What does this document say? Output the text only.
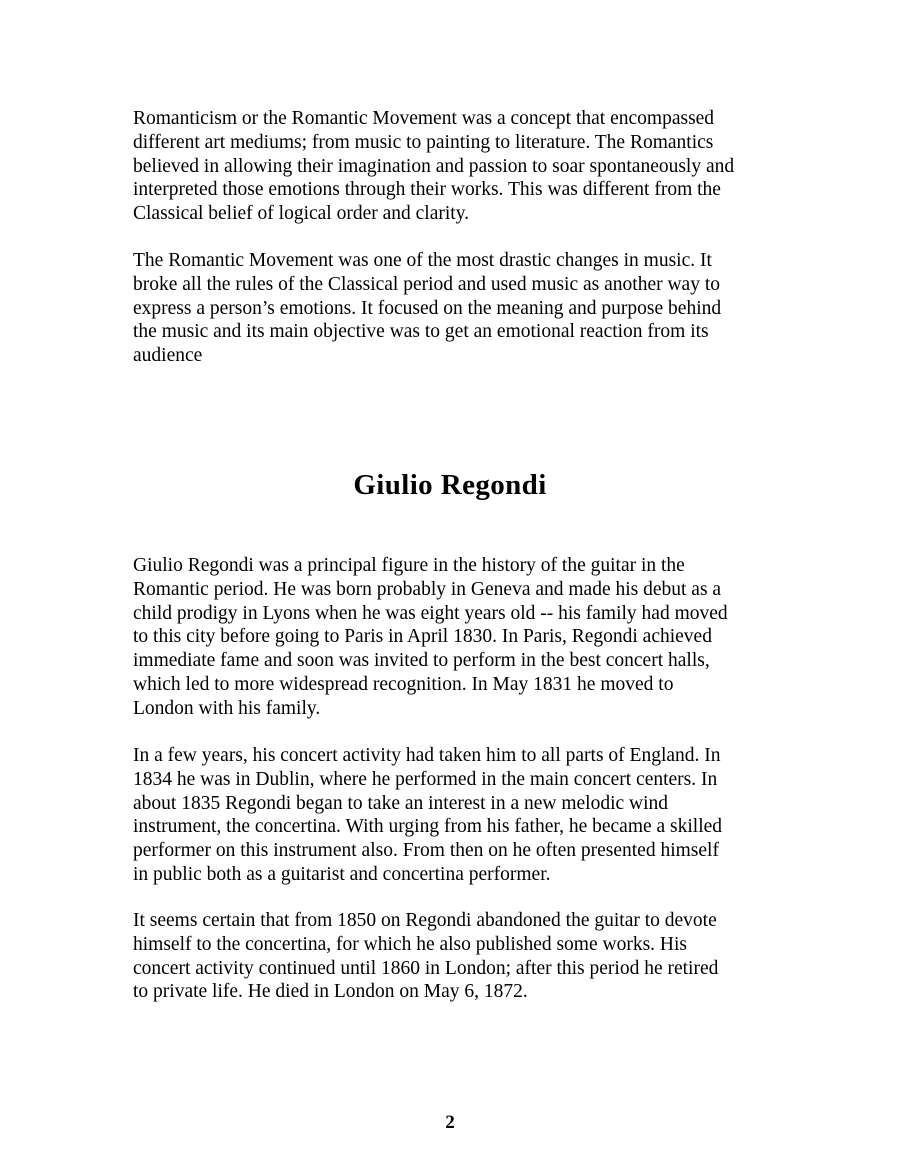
Romanticism or the Romantic Movement was a concept that encompassed
different art mediums; from music to painting to literature. The Romantics
believed in allowing their imagination and passion to soar spontaneously and
interpreted those emotions through their works. This was different from the
Classical belief of logical order and clarity.

The Romantic Movement was one of the most drastic changes in music. It
broke all the rules of the Classical period and used music as another way to
express a person’s emotions. It focused on the meaning and purpose behind
the music and its main objective was to get an emotional reaction from its
audience

Giulio Regondi

Giulio Regondi was a principal figure in the history of the guitar in the
Romantic period. He was born probably in Geneva and made his debut as a
child prodigy in Lyons when he was eight years old -- his family had moved
to this city before going to Paris in April 1830. In Paris, Regondi achieved
immediate fame and soon was invited to perform in the best concert halls,
which led to more widespread recognition. In May 1831 he moved to
London with his family.

In a few years, his concert activity had taken him to all parts of England. In
1834 he was in Dublin, where he performed in the main concert centers. In
about 1835 Regondi began to take an interest in a new melodic wind
instrument, the concertina. With urging from his father, he became a skilled
performer on this instrument also. From then on he often presented himself
in public both as a guitarist and concertina performer.

It seems certain that from 1850 on Regondi abandoned the guitar to devote
himself to the concertina, for which he also published some works. His
concert activity continued until 1860 in London; after this period he retired
to private life. He died in London on May 6, 1872.

2
